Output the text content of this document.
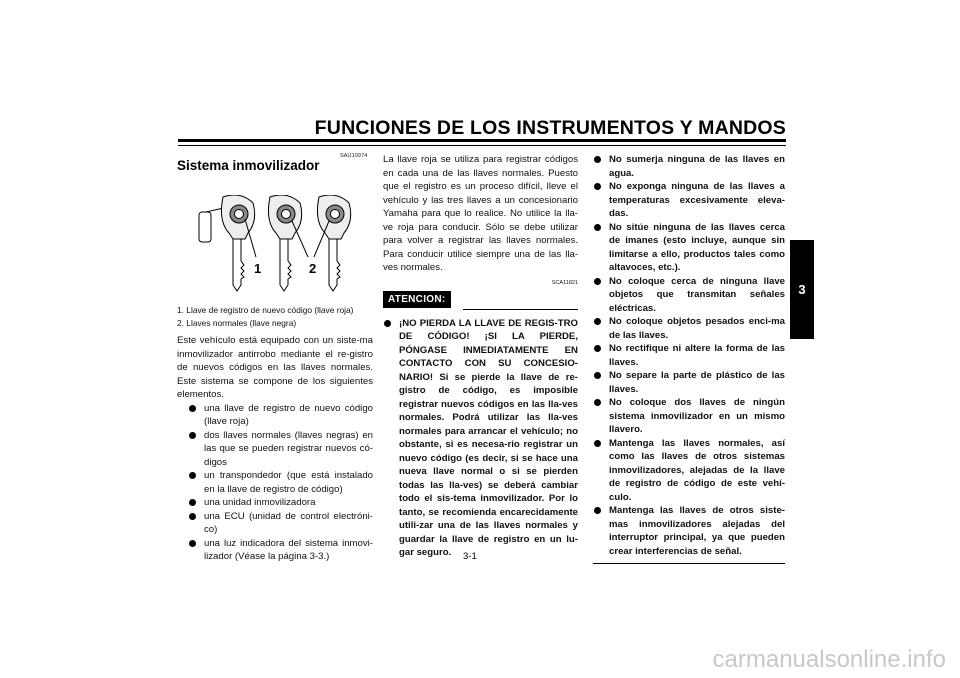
FUNCIONES DE LOS INSTRUMENTOS Y MANDOS
3
SAU10974
Sistema inmovilizador
1	2
1. Llave de registro de nuevo código (llave roja)
2. Llaves normales (llave negra)

Este vehículo está equipado con un siste-ma inmovilizador antirrobo mediante el re-gistro de nuevos códigos en las llaves normales. Este sistema se compone de los siguientes elementos.

una llave de registro de nuevo código (llave roja)
dos llaves normales (llaves negras) en las que se pueden registrar nuevos có-digos
un transpondedor (que está instalado en la llave de registro de código)
una unidad inmovilizadora
una ECU (unidad de control electróni-co)
una luz indicadora del sistema inmovi-lizador (Véase la página 3-3.)

La llave roja se utiliza para registrar códigos en cada una de las llaves normales. Puesto que el registro es un proceso difícil, lleve el vehículo y las tres llaves a un concesionario Yamaha para que lo realice. No utilice la lla-ve roja para conducir. Sólo se debe utilizar para volver a registrar las llaves normales. Para conducir utilice siempre una de las lla-ves normales.

SCA11821
ATENCION:
¡NO PIERDA LA LLAVE DE REGIS-TRO DE CÓDIGO! ¡SI LA PIERDE, PÓNGASE INMEDIATAMENTE EN CONTACTO CON SU CONCESIO-NARIO! Si se pierde la llave de re-gistro de código, es imposible registrar nuevos códigos en las lla-ves normales. Podrá utilizar las lla-ves normales para arrancar el vehículo; no obstante, si es necesa-rio registrar un nuevo código (es decir, si se hace una nueva llave normal o si se pierden todas las lla-ves) se deberá cambiar todo el sis-tema inmovilizador. Por lo tanto, se recomienda encarecidamente utili-zar una de las llaves normales y guardar la llave de registro en un lu-gar seguro.
No sumerja ninguna de las llaves en agua.
No exponga ninguna de las llaves a temperaturas excesivamente eleva-das.
No sitúe ninguna de las llaves cerca de imanes (esto incluye, aunque sin limitarse a ello, productos tales como altavoces, etc.).
No coloque cerca de ninguna llave objetos que transmitan señales eléctricas.
No coloque objetos pesados enci-ma de las llaves.
No rectifique ni altere la forma de las llaves.
No separe la parte de plástico de las llaves.
No coloque dos llaves de ningún sistema inmovilizador en un mismo llavero.
Mantenga las llaves normales, así como las llaves de otros sistemas inmovilizadores, alejadas de la llave de registro de código de este vehí-culo.
Mantenga las llaves de otros siste-mas inmovilizadores alejadas del interruptor principal, ya que pueden crear interferencias de señal.
3-1
carmanualsonline.info
